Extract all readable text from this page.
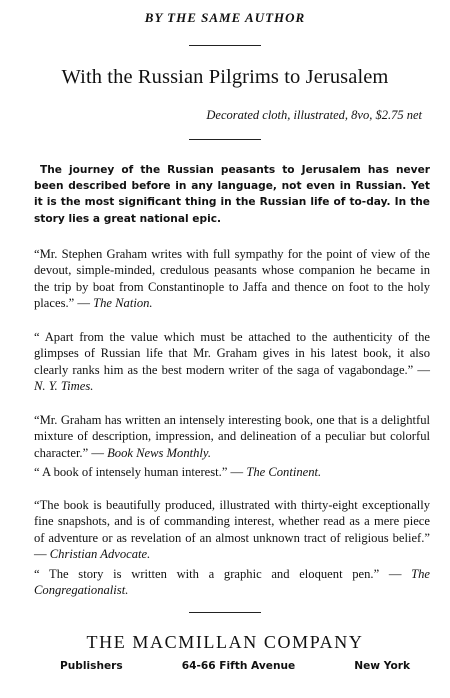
BY THE SAME AUTHOR
With the Russian Pilgrims to Jerusalem
Decorated cloth, illustrated, 8vo, $2.75 net
The journey of the Russian peasants to Jerusalem has never been described before in any language, not even in Russian. Yet it is the most significant thing in the Russian life of to-day. In the story lies a great national epic.
“Mr. Stephen Graham writes with full sympathy for the point of view of the devout, simple-minded, credulous peasants whose companion he became in the trip by boat from Constantinople to Jaffa and thence on foot to the holy places.” — The Nation.
“ Apart from the value which must be attached to the authenticity of the glimpses of Russian life that Mr. Graham gives in his latest book, it also clearly ranks him as the best modern writer of the saga of vagabondage.” — N. Y. Times.
“Mr. Graham has written an intensely interesting book, one that is a delightful mixture of description, impression, and delineation of a peculiar but colorful character.” — Book News Monthly.
“ A book of intensely human interest.” — The Continent.
“The book is beautifully produced, illustrated with thirty-eight exceptionally fine snapshots, and is of commanding interest, whether read as a mere piece of adventure or as revelation of an almost unknown tract of religious belief.” — Christian Advocate.
“ The story is written with a graphic and eloquent pen.” — The Congregationalist.
THE MACMILLAN COMPANY
Publishers	64-66 Fifth Avenue	New York
